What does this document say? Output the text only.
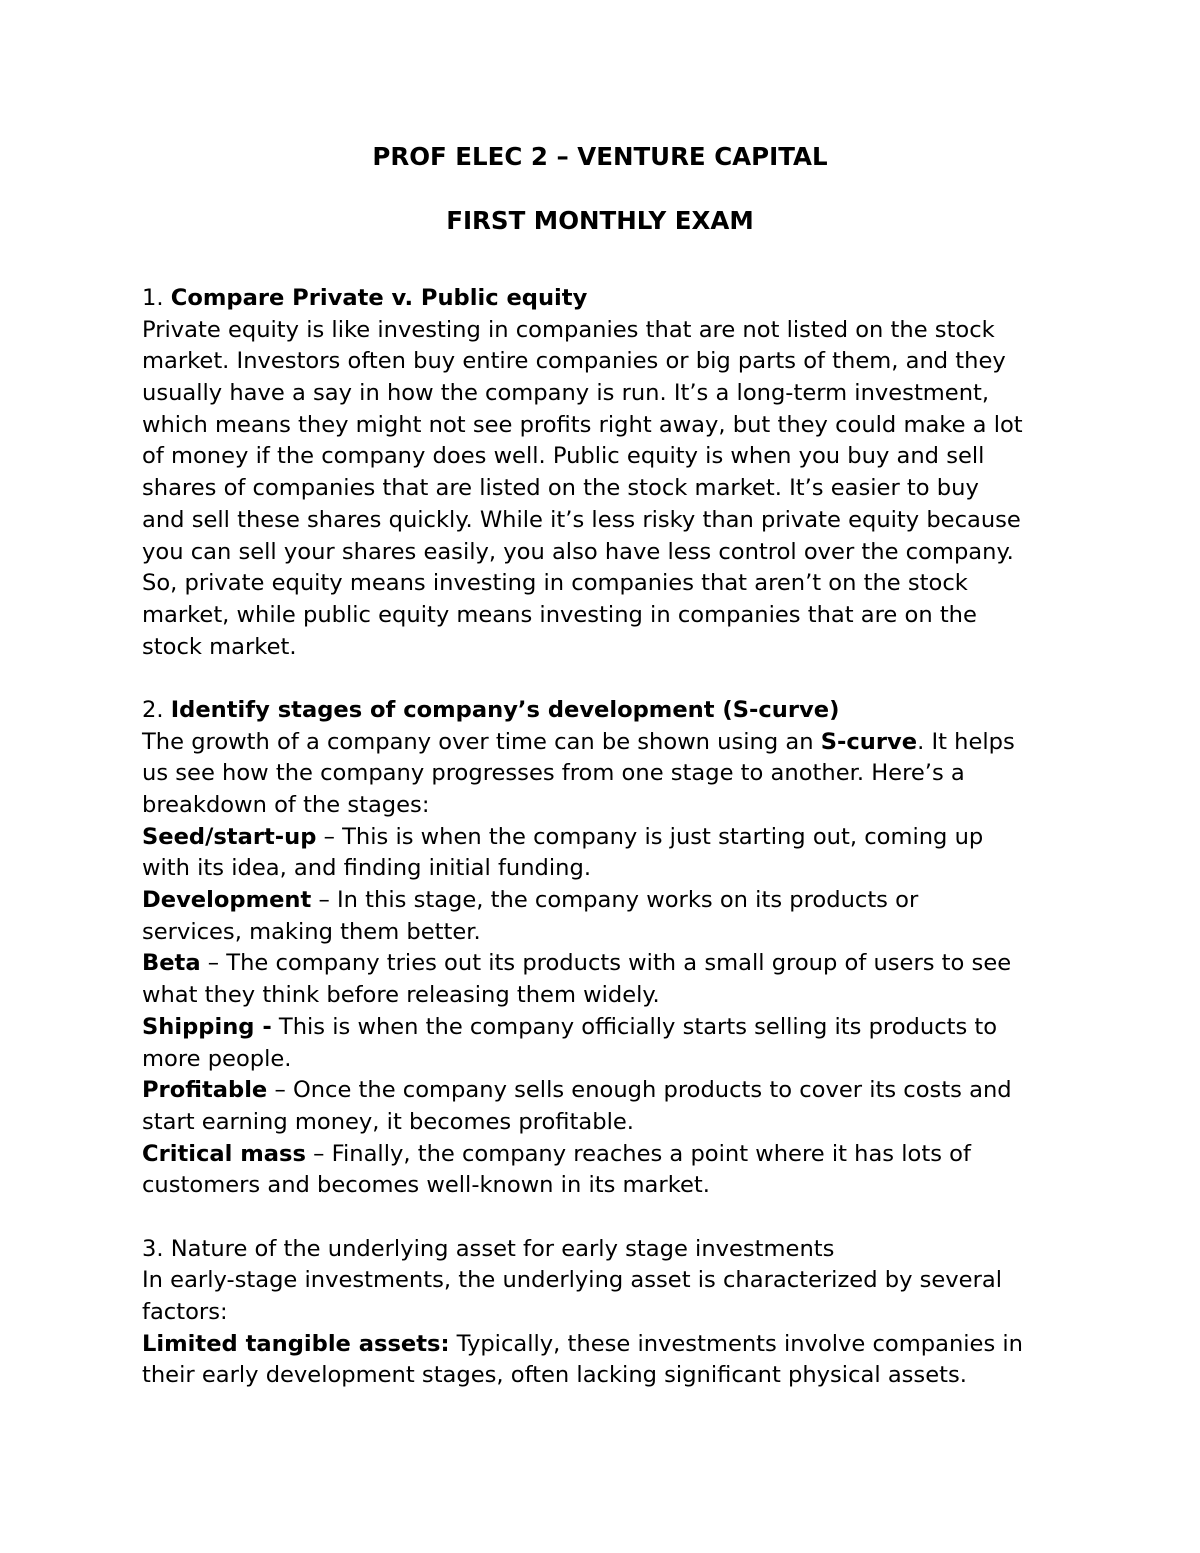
PROF ELEC 2 – VENTURE CAPITAL
FIRST MONTHLY EXAM
1. Compare Private v. Public equity
Private equity is like investing in companies that are not listed on the stock
market. Investors often buy entire companies or big parts of them, and they
usually have a say in how the company is run. It’s a long-term investment,
which means they might not see profits right away, but they could make a lot
of money if the company does well. Public equity is when you buy and sell
shares of companies that are listed on the stock market. It’s easier to buy
and sell these shares quickly. While it’s less risky than private equity because
you can sell your shares easily, you also have less control over the company.
So, private equity means investing in companies that aren’t on the stock
market, while public equity means investing in companies that are on the
stock market.
2. Identify stages of company’s development (S-curve)
The growth of a company over time can be shown using an S-curve. It helps
us see how the company progresses from one stage to another. Here’s a
breakdown of the stages:
Seed/start-up – This is when the company is just starting out, coming up
with its idea, and finding initial funding.
Development – In this stage, the company works on its products or
services, making them better.
Beta – The company tries out its products with a small group of users to see
what they think before releasing them widely.
Shipping - This is when the company officially starts selling its products to
more people.
Profitable – Once the company sells enough products to cover its costs and
start earning money, it becomes profitable.
Critical mass – Finally, the company reaches a point where it has lots of
customers and becomes well-known in its market.
3. Nature of the underlying asset for early stage investments
In early-stage investments, the underlying asset is characterized by several
factors:
Limited tangible assets: Typically, these investments involve companies in
their early development stages, often lacking significant physical assets.
